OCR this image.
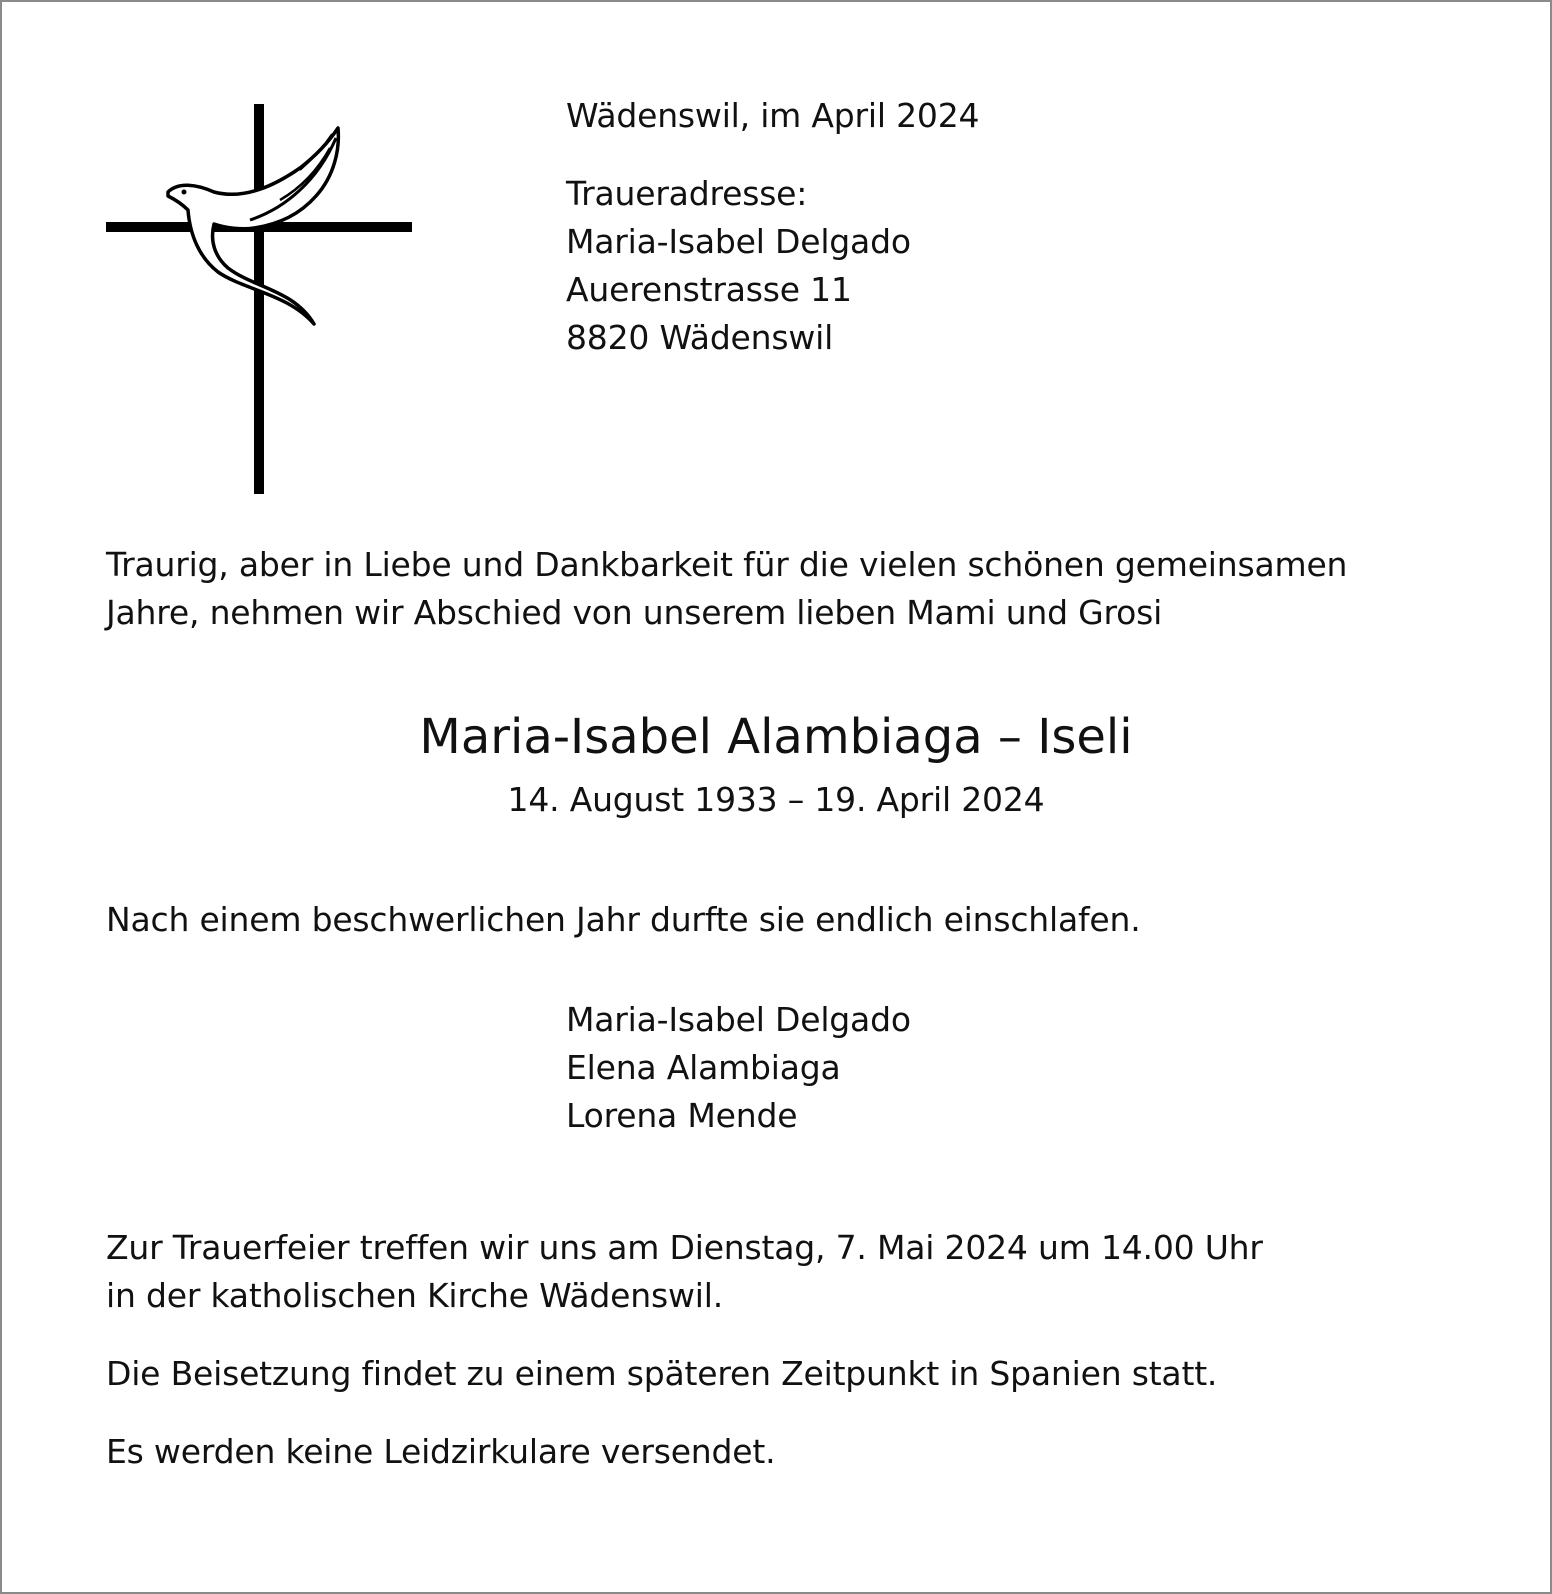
Wädenswil, im April 2024

Traueradresse:
Maria-Isabel Delgado
Auerenstrasse 11
8820 Wädenswil
Traurig, aber in Liebe und Dankbarkeit für die vielen schönen gemeinsamen
Jahre, nehmen wir Abschied von unserem lieben Mami und Grosi

Maria-Isabel Alambiaga – Iseli

14. August 1933 – 19. April 2024

Nach einem beschwerlichen Jahr durfte sie endlich einschlafen.

Maria-Isabel Delgado
Elena Alambiaga
Lorena Mende
Zur Trauerfeier treffen wir uns am Dienstag, 7. Mai 2024 um 14.00 Uhr
in der katholischen Kirche Wädenswil.

Die Beisetzung findet zu einem späteren Zeitpunkt in Spanien statt.

Es werden keine Leidzirkulare versendet.
